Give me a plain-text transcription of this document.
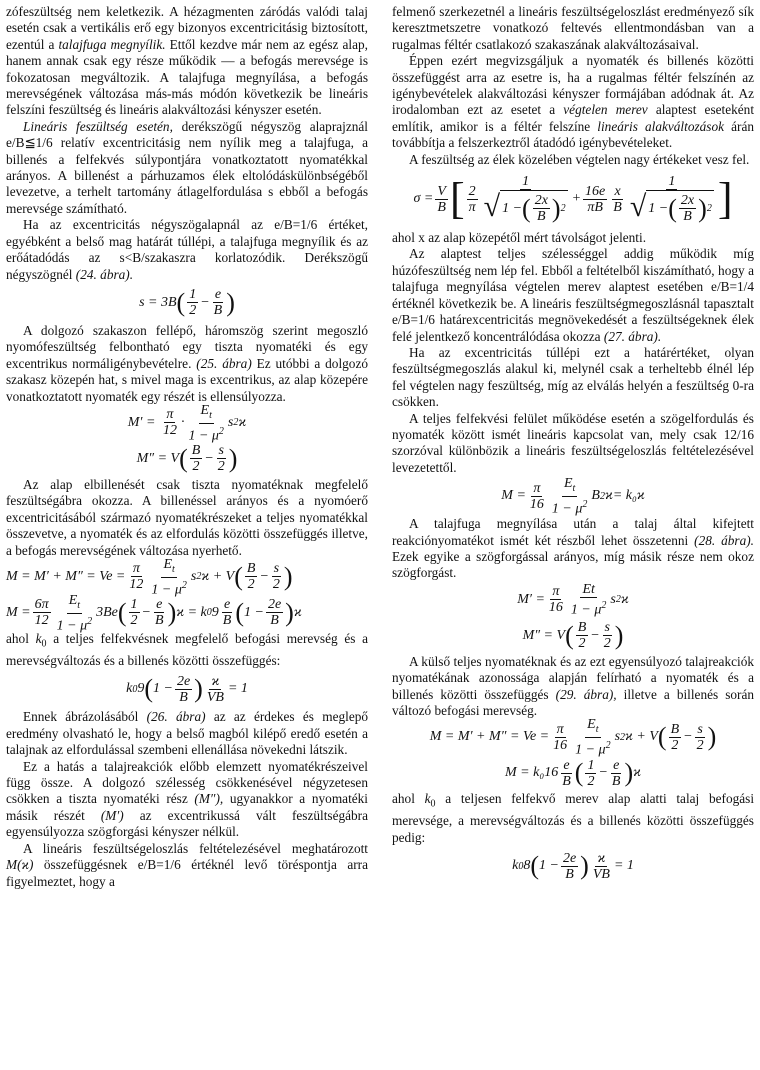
zófeszültség nem keletkezik. A hézagmenten záródás valódi talaj esetén csak a vertikális erő egy bizonyos excentricitásig biztosított, ezentúl a talajfuga megnyílik. Ettől kezdve már nem az egész alap, hanem annak csak egy része működik — a befogás merevsége is fokozatosan megváltozik. A talajfuga megnyílása, a befogás merevségének változása más-más módón következik be lineáris felszíni feszültség és lineáris alakváltozási kényszer esetén.

Lineáris feszültség esetén, derékszögű négyszög alaprajznál e/B≦1/6 relatív excentricitásig nem nyílik meg a talajfuga, a billenés a felfekvés súlypontjára vonatkoztatott nyomatékkal arányos. A billenést a párhuzamos élek eltolódáskülönbségéből levezetve, a terhelt tartomány átlagelfordulása s ebből a befogás merevsége számítható.

Ha az excentricitás négyszögalapnál az e/B=1/6 értéket, egyébként a belső mag határát túllépi, a talajfuga megnyílik és az erőátadódás az s<B/szakaszra korlatozódik. Derékszögű négyszögnél (24. ábra).

s = 3B ( $\frac{1}{2} - \frac{e}{B}$ )

A dolgozó szakaszon fellépő, háromszög szerint megoszló nyomófeszültség felbontható egy tiszta nyomatéki és egy excentrikus normáligénybevételre. (25. ábra) Ez utóbbi a dolgozó szakasz közepén hat, s mivel maga is excentrikus, az alap közepére vonatkoztatott nyomaték egy részét is ellensúlyozza.

$M' = \frac{\pi}{12} \cdot \frac{E_t}{1 - \mu^2}$ s 2 ϰ
M″ = V ( $\frac{B}{2} - \frac{s}{2}$ )

Az alap elbillenését csak tiszta nyomatéknak megfelelő feszültségábra okozza. A billenéssel arányos és a nyomóerő excentricitásából származó nyomatékrészeket a teljes nyomatékkal összevetve, a nyomaték és az elfordulás közötti összefüggés illetve, a befogás merevségének változása nyerhető.

$M = M' + M'' = Ve = \frac{\pi}{12} \frac{E_t}{1 - \mu^2}$ s 2 ϰ + V ( $\frac{B}{2} - \frac{s}{2}$ )
$M = \frac{6\pi}{12} \frac{E_t}{1 - \mu^2} 3Be$ ( $\frac{1}{2} - \frac{e}{B}$ ) ϰ = k 0 $9 \frac{e}{B}$ ( $1 - \frac{2e}{B}$ ) ϰ

ahol $k_0$ a teljes felfekvésnek megfelelő befogási merevség és a merevségváltozás és a billenés közötti összefüggés:

k 0 9 ( $1 - \frac{2e}{B}$ ) $\frac{ϰ}{VB} = 1$

Ennek ábrázolásából (26. ábra) az az érdekes és meglepő eredmény olvasható le, hogy a belső magból kilépő eredő esetén a talajnak az elfordulással szembeni ellenállása növekedni látszik.

Ez a hatás a talajreakciók előbb elemzett nyomatékrészeivel függ össze. A dolgozó szélesség csökkenésével négyzetesen csökken a tiszta nyomatéki rész (M″), ugyanakkor a nyomatéki másik részét (M′) az excentrikussá vált feszültségábra egyensúlyozza szögforgási kényszer nélkül.

A lineáris feszültségeloszlás feltételezésével meghatározott M(ϰ) összefüggésnek e/B=1/6 értéknél levő töréspontja arra figyelmeztet, hogy a

felmenő szerkezetnél a lineáris feszültségeloszlást eredményező sík keresztmetszetre vonatkozó feltevés ellentmondásban van a rugalmas féltér csatlakozó szakaszának alakváltozásaival.

Éppen ezért megvizsgáljuk a nyomaték és billenés közötti összefüggést arra az esetre is, ha a rugalmas féltér felszínén az igénybevételek alakváltozási kényszer formájában adódnak át. Az irodalomban ezt az esetet a végtelen merev alaptest eseteként említik, amikor is a féltér felszíne lineáris alakváltozások árán továbbítja a felszerkeztről átadódó igénybevételeket.

A feszültség az élek közelében végtelen nagy értékeket vesz fel.

$\sigma = \frac{V}{B}$ [ $\frac{2}{\pi} \frac{1}{√ 1 - ( \frac{2x}{B} ) 2} + \frac{16e}{\pi B} \frac{x}{B} \frac{1}{√ 1 - ( \frac{2x}{B} ) 2}$ ]

ahol x az alap közepétől mért távolságot jelenti.

Az alaptest teljes szélességgel addig működik míg húzófeszültség nem lép fel. Ebből a feltételből kiszámítható, hogy a talajfuga megnyílása végtelen merev alaptest esetében e/B=1/4 értéknél következik be. A lineáris feszültségmegoszlásnál tapasztalt e/B=1/6 határexcentricitás megnövekedését a feszültségeknek élek felé jelentkező koncentrálódása okozza (27. ábra).

Ha az excentricitás túllépi ezt a határértéket, olyan feszültségmegoszlás alakul ki, melynél csak a terheltebb élnél lép fel végtelen nagy feszültség, míg az elválás helyén a feszültség 0-ra csökken.

A teljes felfekvési felület működése esetén a szögelfordulás és nyomaték között ismét lineáris kapcsolat van, mely csak 12/16 szorzóval különbözik a lineáris feszültségeloszlás feltételezésével levezetettől.

$M = \frac{\pi}{16} \frac{E_t}{1 - \mu^2}$ B 2 ϰ = k₀ϰ

A talajfuga megnyílása után a talaj által kifejtett reakciónyomatékot ismét két részből lehet összetenni (28. ábra). Ezek egyike a szögforgással arányos, míg másik része nem okoz szögforgást.

$M' = \frac{\pi}{16} \frac{Et}{1 - \mu^2}$ s 2 ϰ
M″ = V ( $\frac{B}{2} - \frac{s}{2}$ )

A külső teljes nyomatéknak és az ezt egyensúlyozó talajreakciók nyomatékának azonossága alapján felírható a nyomaték és a billenés közötti összefüggés (29. ábra), illetve a billenés során változó befogási merevség.

$M = M' + M'' = Ve = \frac{\pi}{16} \frac{E_t}{1 - \mu^2}$ s 2 ϰ + V ( $\frac{B}{2} - \frac{s}{2}$ )
$M = k_016 \frac{e}{B}$ ( $\frac{1}{2} - \frac{e}{B}$ ) ϰ

ahol $k_0$ a teljesen felfekvő merev alap alatti talaj befogási merevsége, a merevségváltozás és a billenés közötti összefüggés pedig:

k 0 8 ( $1 - \frac{2e}{B}$ ) $\frac{ϰ}{VB} = 1$
